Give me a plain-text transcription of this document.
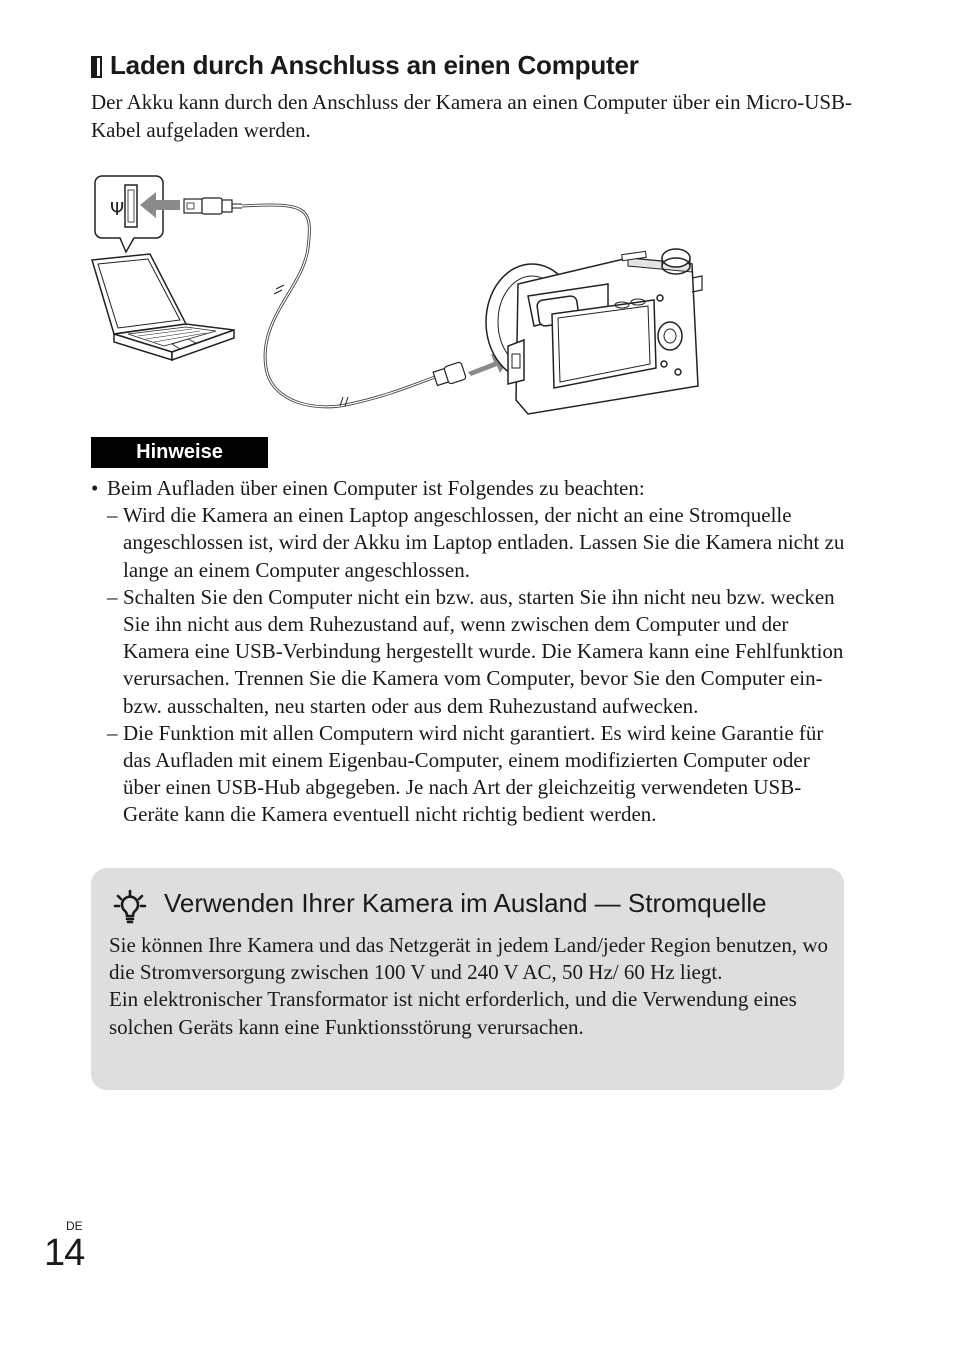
Laden durch Anschluss an einen Computer

Der Akku kann durch den Anschluss der Kamera an einen Computer über ein Micro-USB-Kabel aufgeladen werden.

Ψ
Hinweise
• Beim Aufladen über einen Computer ist Folgendes zu beachten:
– Wird die Kamera an einen Laptop angeschlossen, der nicht an eine Stromquelle angeschlossen ist, wird der Akku im Laptop entladen. Lassen Sie die Kamera nicht zu lange an einem Computer angeschlossen.
– Schalten Sie den Computer nicht ein bzw. aus, starten Sie ihn nicht neu bzw. wecken Sie ihn nicht aus dem Ruhezustand auf, wenn zwischen dem Computer und der Kamera eine USB-Verbindung hergestellt wurde. Die Kamera kann eine Fehlfunktion verursachen. Trennen Sie die Kamera vom Computer, bevor Sie den Computer ein- bzw. ausschalten, neu starten oder aus dem Ruhezustand aufwecken.
– Die Funktion mit allen Computern wird nicht garantiert. Es wird keine Garantie für das Aufladen mit einem Eigenbau-Computer, einem modifizierten Computer oder über einen USB-Hub abgegeben. Je nach Art der gleichzeitig verwendeten USB-Geräte kann die Kamera eventuell nicht richtig bedient werden.
Verwenden Ihrer Kamera im Ausland — Stromquelle
Sie können Ihre Kamera und das Netzgerät in jedem Land/jeder Region benutzen, wo die Stromversorgung zwischen 100 V und 240 V AC, 50 Hz/ 60 Hz liegt.
Ein elektronischer Transformator ist nicht erforderlich, und die Verwendung eines solchen Geräts kann eine Funktionsstörung verursachen.
DE
14
